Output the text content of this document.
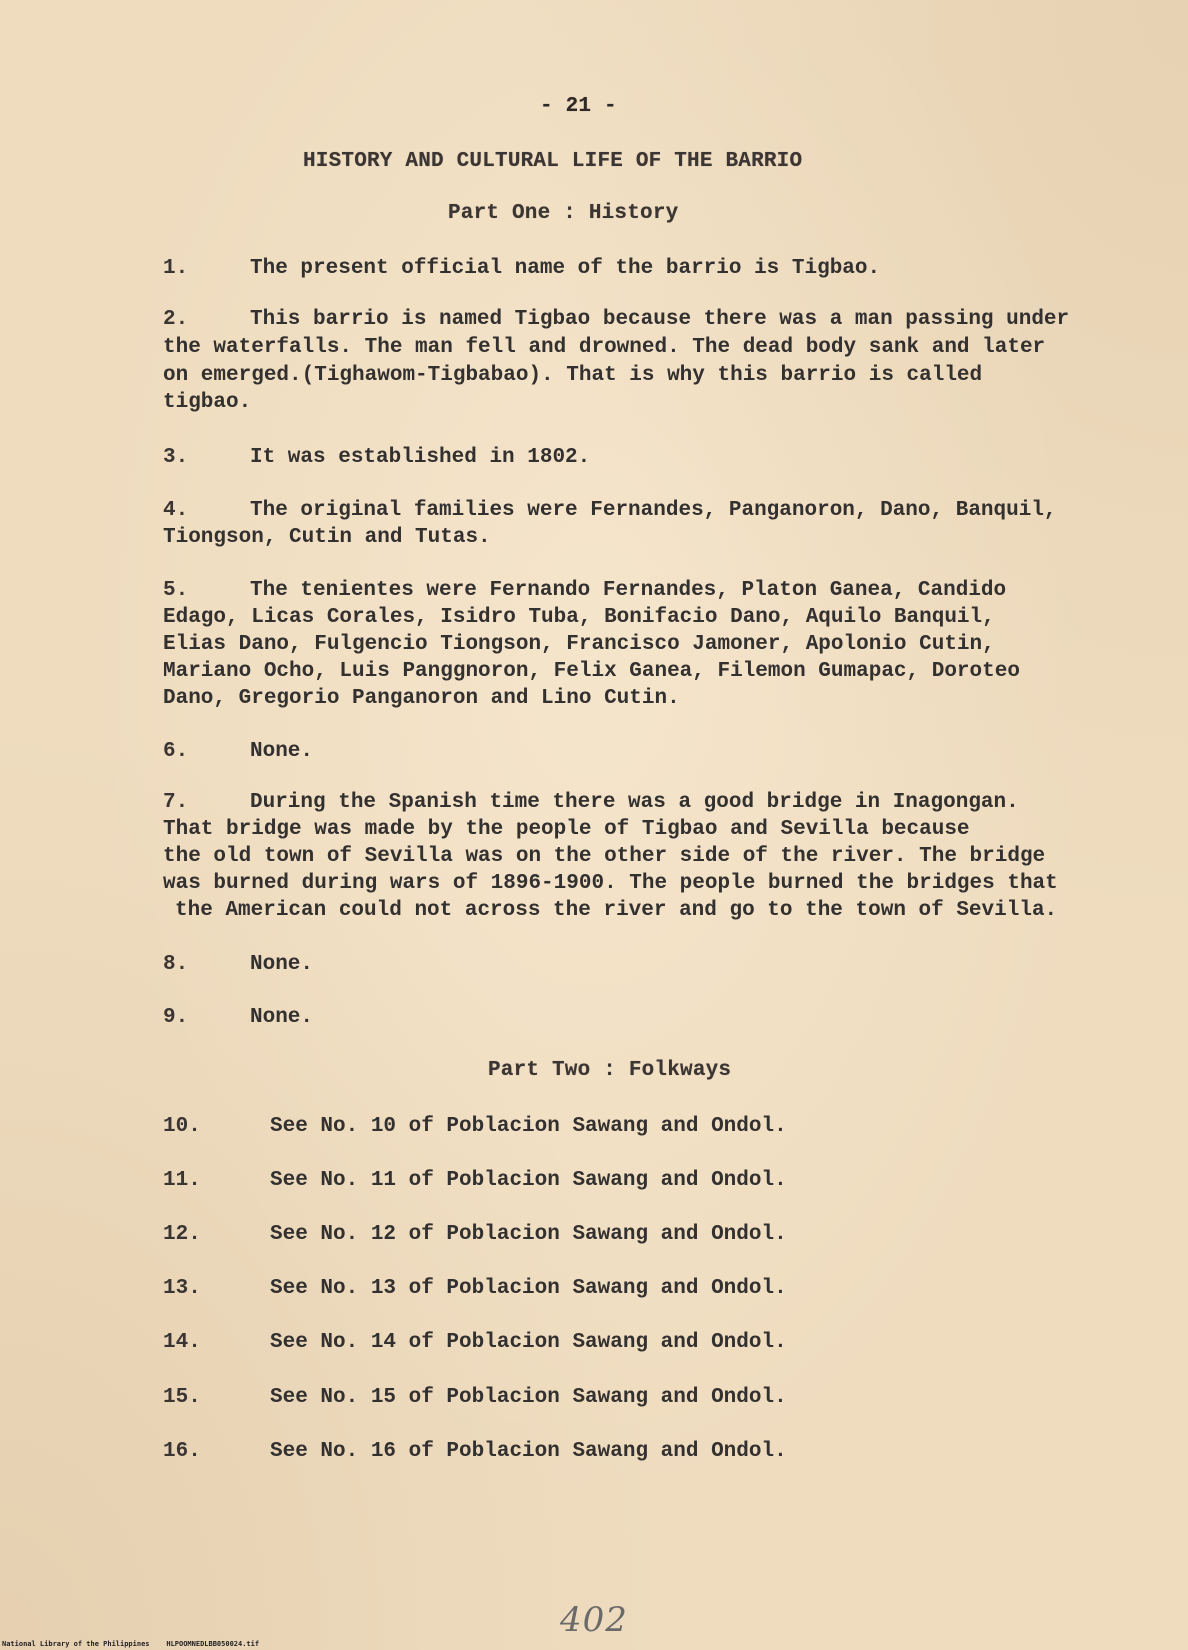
- 21 -
HISTORY AND CULTURAL LIFE OF THE BARRIO
Part One : History
1.	The present official name of the barrio is Tigbao.
2.	This barrio is named Tigbao because there was a man passing under
the waterfalls. The man fell and drowned. The dead body sank and later
on emerged.(Tighawom-Tigbabao). That is why this barrio is called
tigbao.
3.	It was established in 1802.
4.	The original families were Fernandes, Panganoron, Dano, Banquil,
Tiongson, Cutin and Tutas.
5.	The tenientes were Fernando Fernandes, Platon Ganea, Candido
Edago, Licas Corales, Isidro Tuba, Bonifacio Dano, Aquilo Banquil,
Elias Dano, Fulgencio Tiongson, Francisco Jamoner, Apolonio Cutin,
Mariano Ocho, Luis Panggnoron, Felix Ganea, Filemon Gumapac, Doroteo
Dano, Gregorio Panganoron and Lino Cutin.
6.	None.
7.	During the Spanish time there was a good bridge in Inagongan.
That bridge was made by the people of Tigbao and Sevilla because
the old town of Sevilla was on the other side of the river. The bridge
was burned during wars of 1896-1900. The people burned the bridges that
the American could not across the river and go to the town of Sevilla.
8.	None.
9.	None.
Part Two : Folkways
10.	See No. 10 of Poblacion Sawang and Ondol.
11.	See No. 11 of Poblacion Sawang and Ondol.
12.	See No. 12 of Poblacion Sawang and Ondol.
13.	See No. 13 of Poblacion Sawang and Ondol.
14.	See No. 14 of Poblacion Sawang and Ondol.
15.	See No. 15 of Poblacion Sawang and Ondol.
16.	See No. 16 of Poblacion Sawang and Ondol.
402
National Library of the Philippines    HLPOOMNEDLBB050024.tif
